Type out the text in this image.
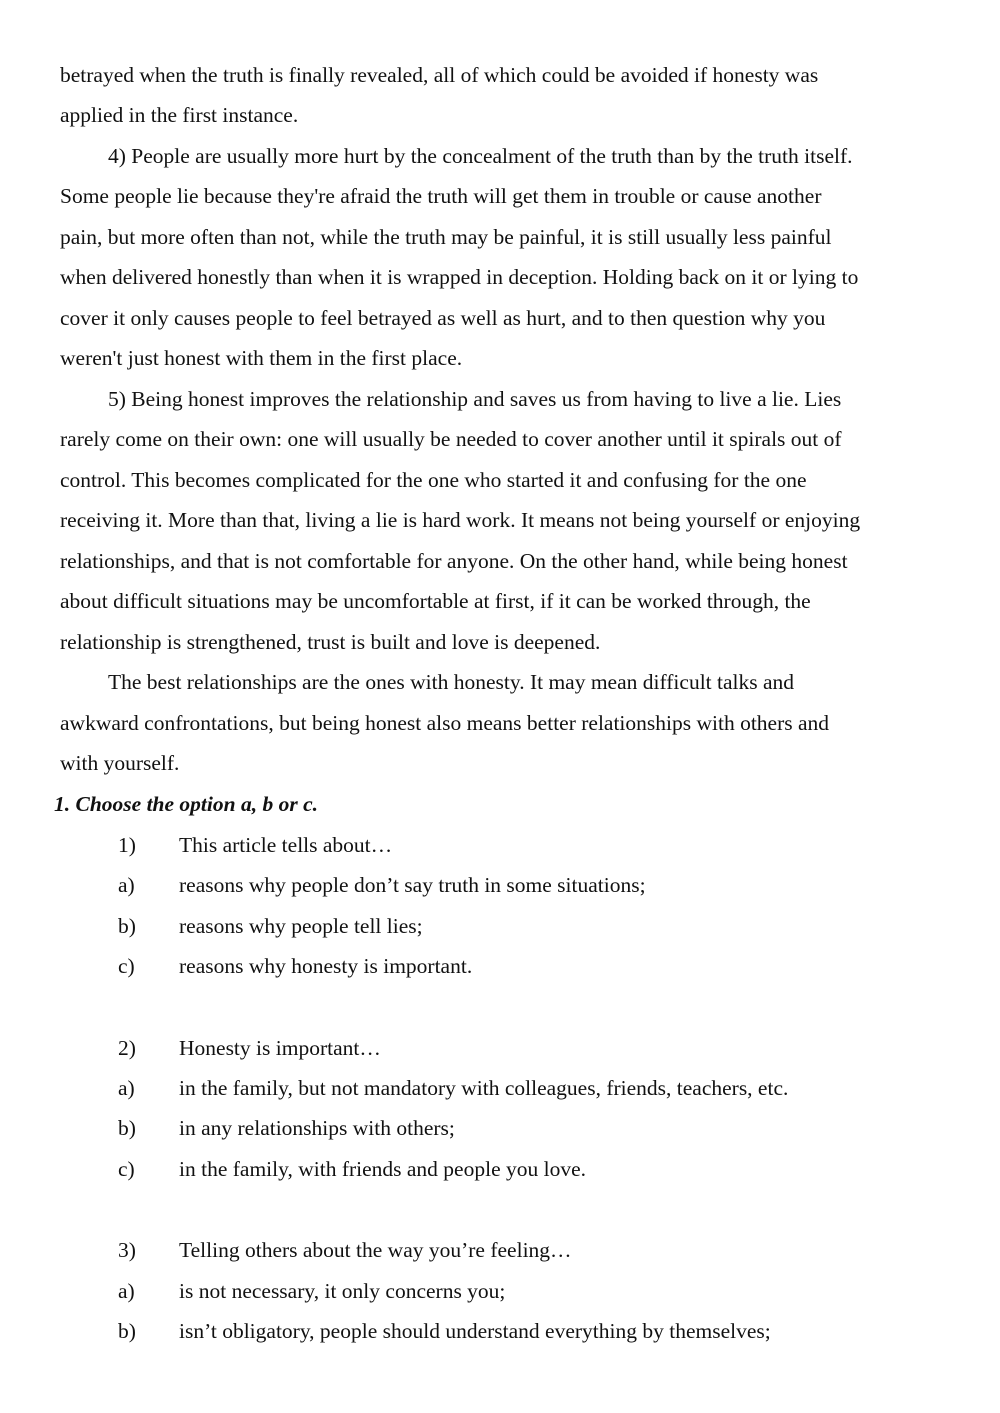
betrayed when the truth is finally revealed, all of which could be avoided if honesty was
applied in the first instance.
4) People are usually more hurt by the concealment of the truth than by the truth itself.
Some people lie because they're afraid the truth will get them in trouble or cause another
pain, but more often than not, while the truth may be painful, it is still usually less painful
when delivered honestly than when it is wrapped in deception. Holding back on it or lying to
cover it only causes people to feel betrayed as well as hurt, and to then question why you
weren't just honest with them in the first place.
5) Being honest improves the relationship and saves us from having to live a lie. Lies
rarely come on their own: one will usually be needed to cover another until it spirals out of
control. This becomes complicated for the one who started it and confusing for the one
receiving it. More than that, living a lie is hard work. It means not being yourself or enjoying
relationships, and that is not comfortable for anyone. On the other hand, while being honest
about difficult situations may be uncomfortable at first, if it can be worked through, the
relationship is strengthened, trust is built and love is deepened.
The best relationships are the ones with honesty. It may mean difficult talks and
awkward confrontations, but being honest also means better relationships with others and
with yourself.
1. Choose the option a, b or c.
1)	This article tells about…
a)	reasons why people don’t say truth in some situations;
b)	reasons why people tell lies;
c)	reasons why honesty is important.
2)	Honesty is important…
a)	in the family, but not mandatory with colleagues, friends, teachers, etc.
b)	in any relationships with others;
c)	in the family, with friends and people you love.
3)	Telling others about the way you’re feeling…
a)	is not necessary, it only concerns you;
b)	isn’t obligatory, people should understand everything by themselves;
